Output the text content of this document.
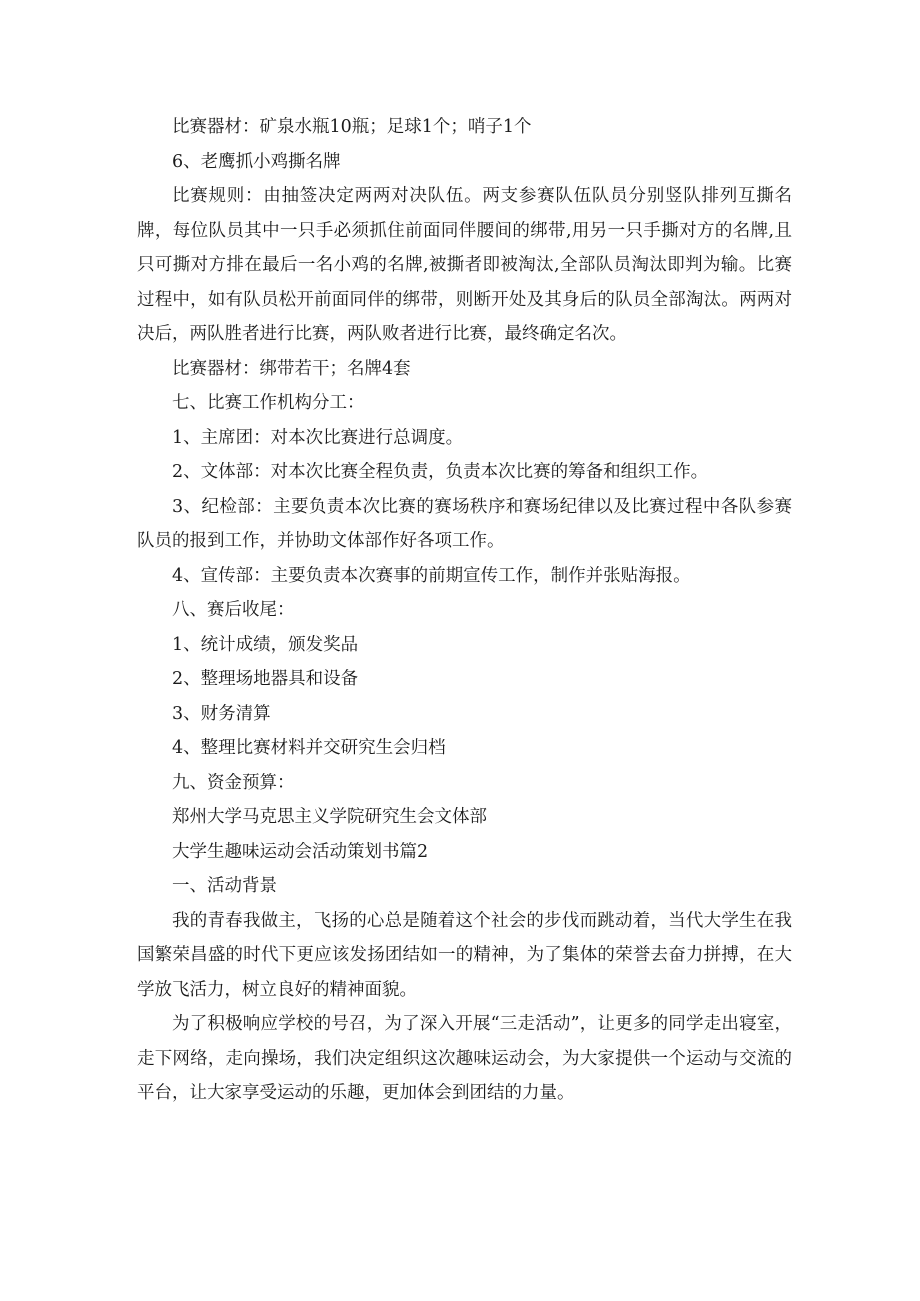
比赛器材：矿泉水瓶10瓶；足球1个；哨子1个

6、老鹰抓小鸡撕名牌

比赛规则：由抽签决定两两对决队伍。两支参赛队伍队员分别竖队排列互撕名牌，每位队员其中一只手必须抓住前面同伴腰间的绑带,用另一只手撕对方的名牌,且只可撕对方排在最后一名小鸡的名牌,被撕者即被淘汰,全部队员淘汰即判为输。比赛过程中，如有队员松开前面同伴的绑带，则断开处及其身后的队员全部淘汰。两两对决后，两队胜者进行比赛，两队败者进行比赛，最终确定名次。

比赛器材：绑带若干；名牌4套

七、比赛工作机构分工：

1、主席团：对本次比赛进行总调度。

2、文体部：对本次比赛全程负责，负责本次比赛的筹备和组织工作。

3、纪检部：主要负责本次比赛的赛场秩序和赛场纪律以及比赛过程中各队参赛队员的报到工作，并协助文体部作好各项工作。

4、宣传部：主要负责本次赛事的前期宣传工作，制作并张贴海报。

八、赛后收尾：

1、统计成绩，颁发奖品

2、整理场地器具和设备

3、财务清算

4、整理比赛材料并交研究生会归档

九、资金预算：

郑州大学马克思主义学院研究生会文体部

大学生趣味运动会活动策划书篇2

一、活动背景

我的青春我做主，飞扬的心总是随着这个社会的步伐而跳动着，当代大学生在我国繁荣昌盛的时代下更应该发扬团结如一的精神，为了集体的荣誉去奋力拼搏，在大学放飞活力，树立良好的精神面貌。

为了积极响应学校的号召，为了深入开展“三走活动”，让更多的同学走出寝室，走下网络，走向操场，我们决定组织这次趣味运动会，为大家提供一个运动与交流的平台，让大家享受运动的乐趣，更加体会到团结的力量。
